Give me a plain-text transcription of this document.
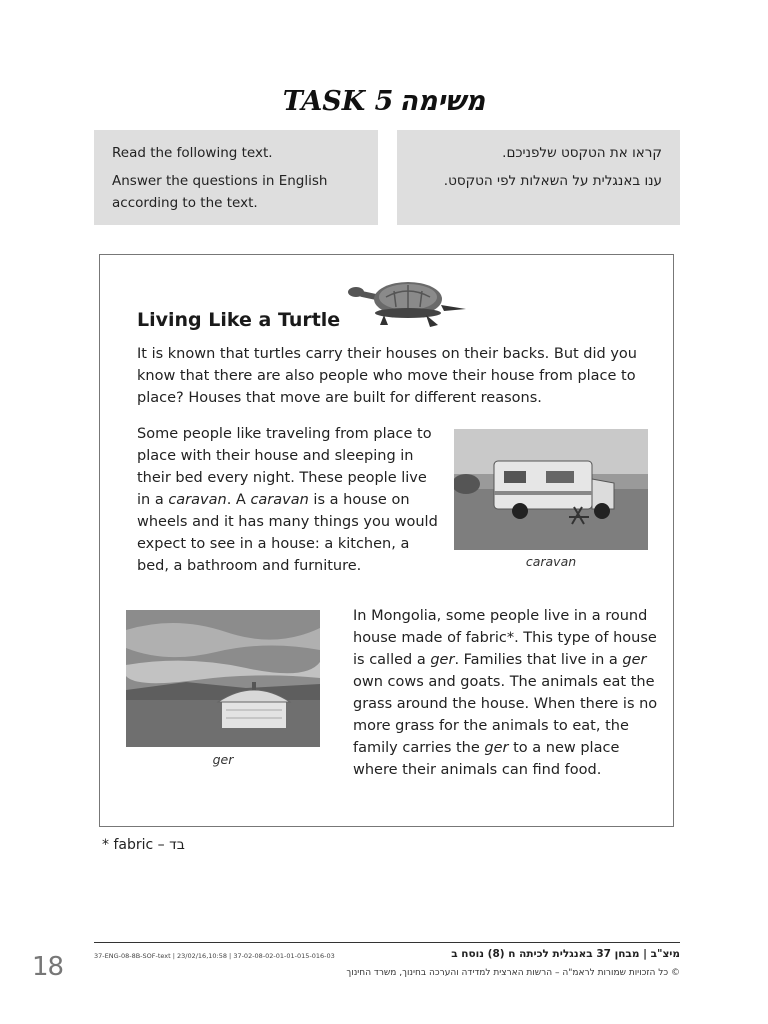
TASK 5 משימה

Read the following text.

Answer the questions in English according to the text.

קראו את הטקסט שלפניכם.

ענו באנגלית על השאלות לפי הטקסט.

Living Like a Turtle

It is known that turtles carry their houses on their backs. But did you know that there are also people who move their house from place to place? Houses that move are built for different reasons.

Some people like traveling from place to place with their house and sleeping in their bed every night. These people live in a caravan. A caravan is a house on wheels and it has many things you would expect to see in a house: a kitchen, a bed, a bathroom and furniture.	caravan
ger

In Mongolia, some people live in a round house made of fabric*. This type of house is called a ger. Families that live in a ger own cows and goats. The animals eat the grass around the house. When there is no more grass for the animals to eat, the family carries the ger to a new place where their animals can find food.

* fabric – בד
מיצ"ב | מבחן 37 באנגלית לכיתה ח (8) נוסח ב
37-ENG-08-8B-SOF-text | 23/02/16,10:58 | 37-02-08-02-01-01-015-016-03
© כל הזכויות שמורות לראמ"ה – הרשות הארצית למדידה והערכה בחינוך, משרד החינוך
18
